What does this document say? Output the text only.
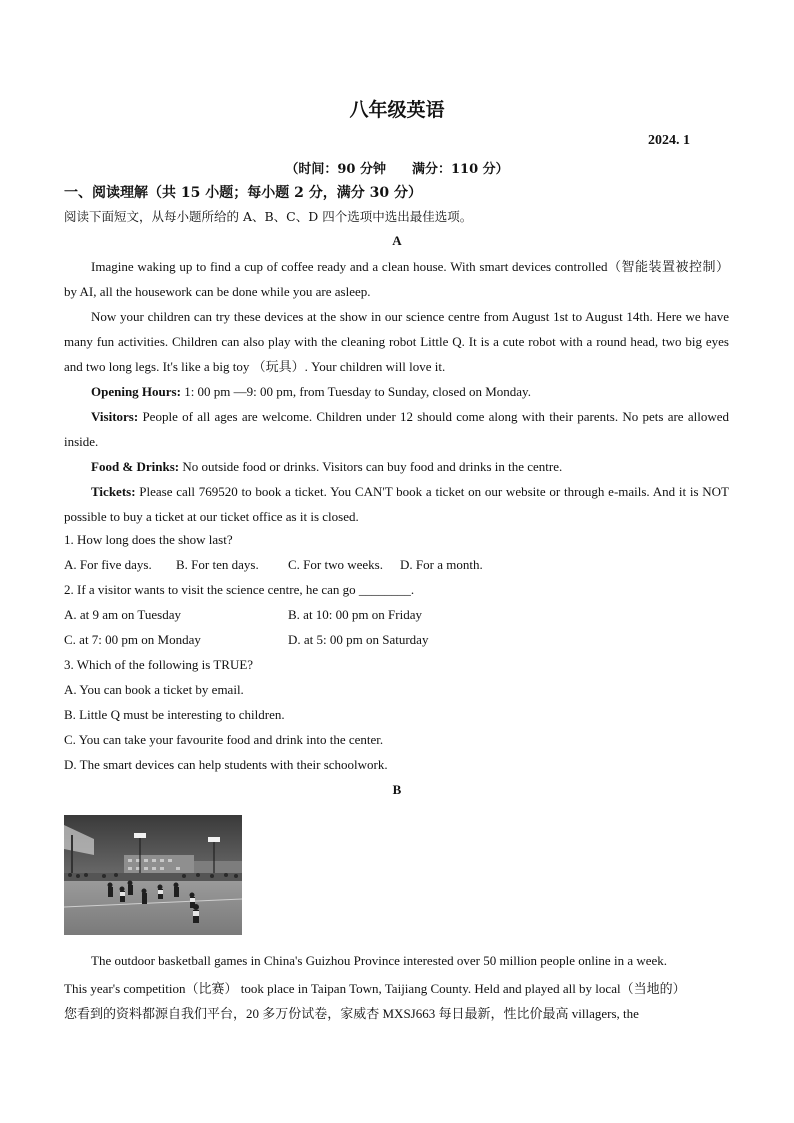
八年级英语
2024. 1
（时间：90 分钟　　满分：110 分）
一、阅读理解（共 15 小题；每小题 2 分，满分 30 分）
阅读下面短文，从每小题所给的 A、B、C、D 四个选项中选出最佳选项。
A

Imagine waking up to find a cup of coffee ready and a clean house. With smart devices controlled（智能装置被控制） by AI, all the housework can be done while you are asleep.

Now your children can try these devices at the show in our science centre from August 1st to August 14th. Here we have many fun activities. Children can also play with the cleaning robot Little Q. It is a cute robot with a round head, two big eyes and two long legs. It's like a big toy （玩具）. Your children will love it.

Opening Hours: 1: 00 pm —9: 00 pm, from Tuesday to Sunday, closed on Monday.

Visitors: People of all ages are welcome. Children under 12 should come along with their parents. No pets are allowed inside.

Food & Drinks: No outside food or drinks. Visitors can buy food and drinks in the centre.

Tickets: Please call 769520 to book a ticket. You CAN'T book a ticket on our website or through e-mails. And it is NOT possible to buy a ticket at our ticket office as it is closed.

1. How long does the show last?
A. For five days. B. For ten days. C. For two weeks. D. For a month.
2. If a visitor wants to visit the science centre, he can go ________.
A. at 9 am on Tuesday	B. at 10: 00 pm on Friday
C. at 7: 00 pm on Monday	D. at 5: 00 pm on Saturday
3. Which of the following is TRUE?
A. You can book a ticket by email.
B. Little Q must be interesting to children.
C. You can take your favourite food and drink into the center.
D. The smart devices can help students with their schoolwork.
B
The outdoor basketball games in China's Guizhou Province interested over 50 million people online in a week.
This year's competition（比赛） took place in Taipan Town, Taijiang County. Held and played all by local（当地的）
您看到的资料都源自我们平台，20 多万份试卷，家威杏 MXSJ663 每日最新，性比价最高 villagers, the
